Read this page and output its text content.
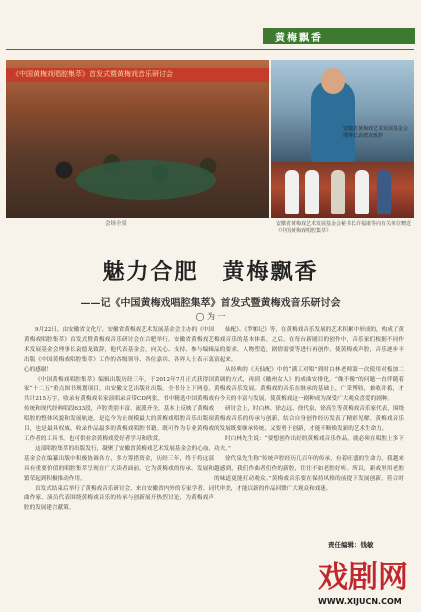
黄梅飘香
《中国黄梅戏唱腔集萃》首发式暨黄梅戏音乐研讨会
会场全景
安徽省黄梅戏艺术发展基金会理事长袁德龙致辞
安徽省黄梅戏艺术发展基金会秘书长许福康等向有关单位赠送《中国黄梅戏唱腔集萃》
魅力合肥　黄梅飘香
——记《中国黄梅戏唱腔集萃》首发式暨黄梅戏音乐研讨会
◯ 为 一

9月22日，由安徽省文化厅、安徽省黄梅戏艺术发展基金会主办的《中国黄梅戏唱腔集萃》首发式暨黄梅戏音乐研讨会在合肥举行。安徽省黄梅戏艺术发展基金会理事长袁德龙致辞，他代表基金会，向关心、支持、参与编辑出版《中国黄梅戏唱腔集萃》工作的各级领导、各位嘉宾、各界人士表示衷心的感谢！

《中国黄梅戏唱腔集萃》编辑出版历经三年，于2012年7月正式获得国家“十二五”重点图书规划项目，由安徽文艺出版社出版。全书分上下两卷，共计215万字，收录有黄梅戏名家演唱录音带CD两张，书中精选中国黄梅戏传统和现代经典唱段633段，声腔类别丰富、流派齐全，基本上反映了黄梅戏唱腔的整体风貌和发展轨迹，是迄今为止规模最大的黄梅戏唱腔音乐出版项目，也是最具权威、收录作品最多的黄梅戏唱腔书籍。既可作为专业黄梅戏工作者的工具书，也可供业余黄梅戏爱好者学习和欣赏。

这部唱腔集萃的出版发行，凝聚了安徽省黄梅戏艺术发展基金会的心血，基金会在编纂出版中积极协调各方，多方筹措资金，历经三年，终于将这部具有重要价值的唱腔集萃呈现在广大读者面前。它为黄梅戏的传承、发展和繁荣起到积极推动作用。

首发式结束后举行了黄梅戏音乐研讨会，来自安徽省内外的专家学者、词曲作家、演员代表围绕黄梅戏音乐的传承与创新展开热烈讨论，为黄梅戏声腔的发展建言献策。

仙配》、《罗帕记》等，在黄梅戏音乐发展的艺术积累中形成的，构成了黄梅戏音乐的基本体系。之后，在每台新剧目的创作中，音乐家们根据不同作品的要求，人物塑造，剧情需要等进行再创作，使黄梅戏声腔，音乐逐步丰富起来。

从经典的《天仙配》中的“满工对唱”到时白林老师第一次使用对板加二黄调的方式，再到《徽州女人》的成曲安排化，“像不像”的问题一直伴随着黄梅戏音乐发展。黄梅戏的音乐在继承的基础上，广采博收，兼收并蓄，才有今天的丰富与发展，使黄梅戏这一剧种成为深受广大观众喜爱的剧种。

研讨会上，时白林、徐志远、徐代泉、徐高生等黄梅戏音乐家代表，围绕黄梅戏音乐的传承与创新，结合自身创作经历发表了精彩见解。黄梅戏音乐的发展既要继承传统，又要勇于创新，才能不断焕发新的艺术生命力。

时白林先生说：“要想创作出好的黄梅戏音乐作品，就必须在唱腔上多下功夫。”

徐代泉先生称“传统声腔经历几百年的传承，有着旺盛的生命力。我越来越感到，我们作曲者们作的新腔，往往不如老腔好听。所以，新戏里用老腔的味道更能打动观众。”黄梅戏音乐要在保持风格的前提下发展创新，符合时代审美，才能以新的作品回馈广大观众和戏迷。

责任编辑：钱敏
戏剧网
WWW.XIJUCN.COM
